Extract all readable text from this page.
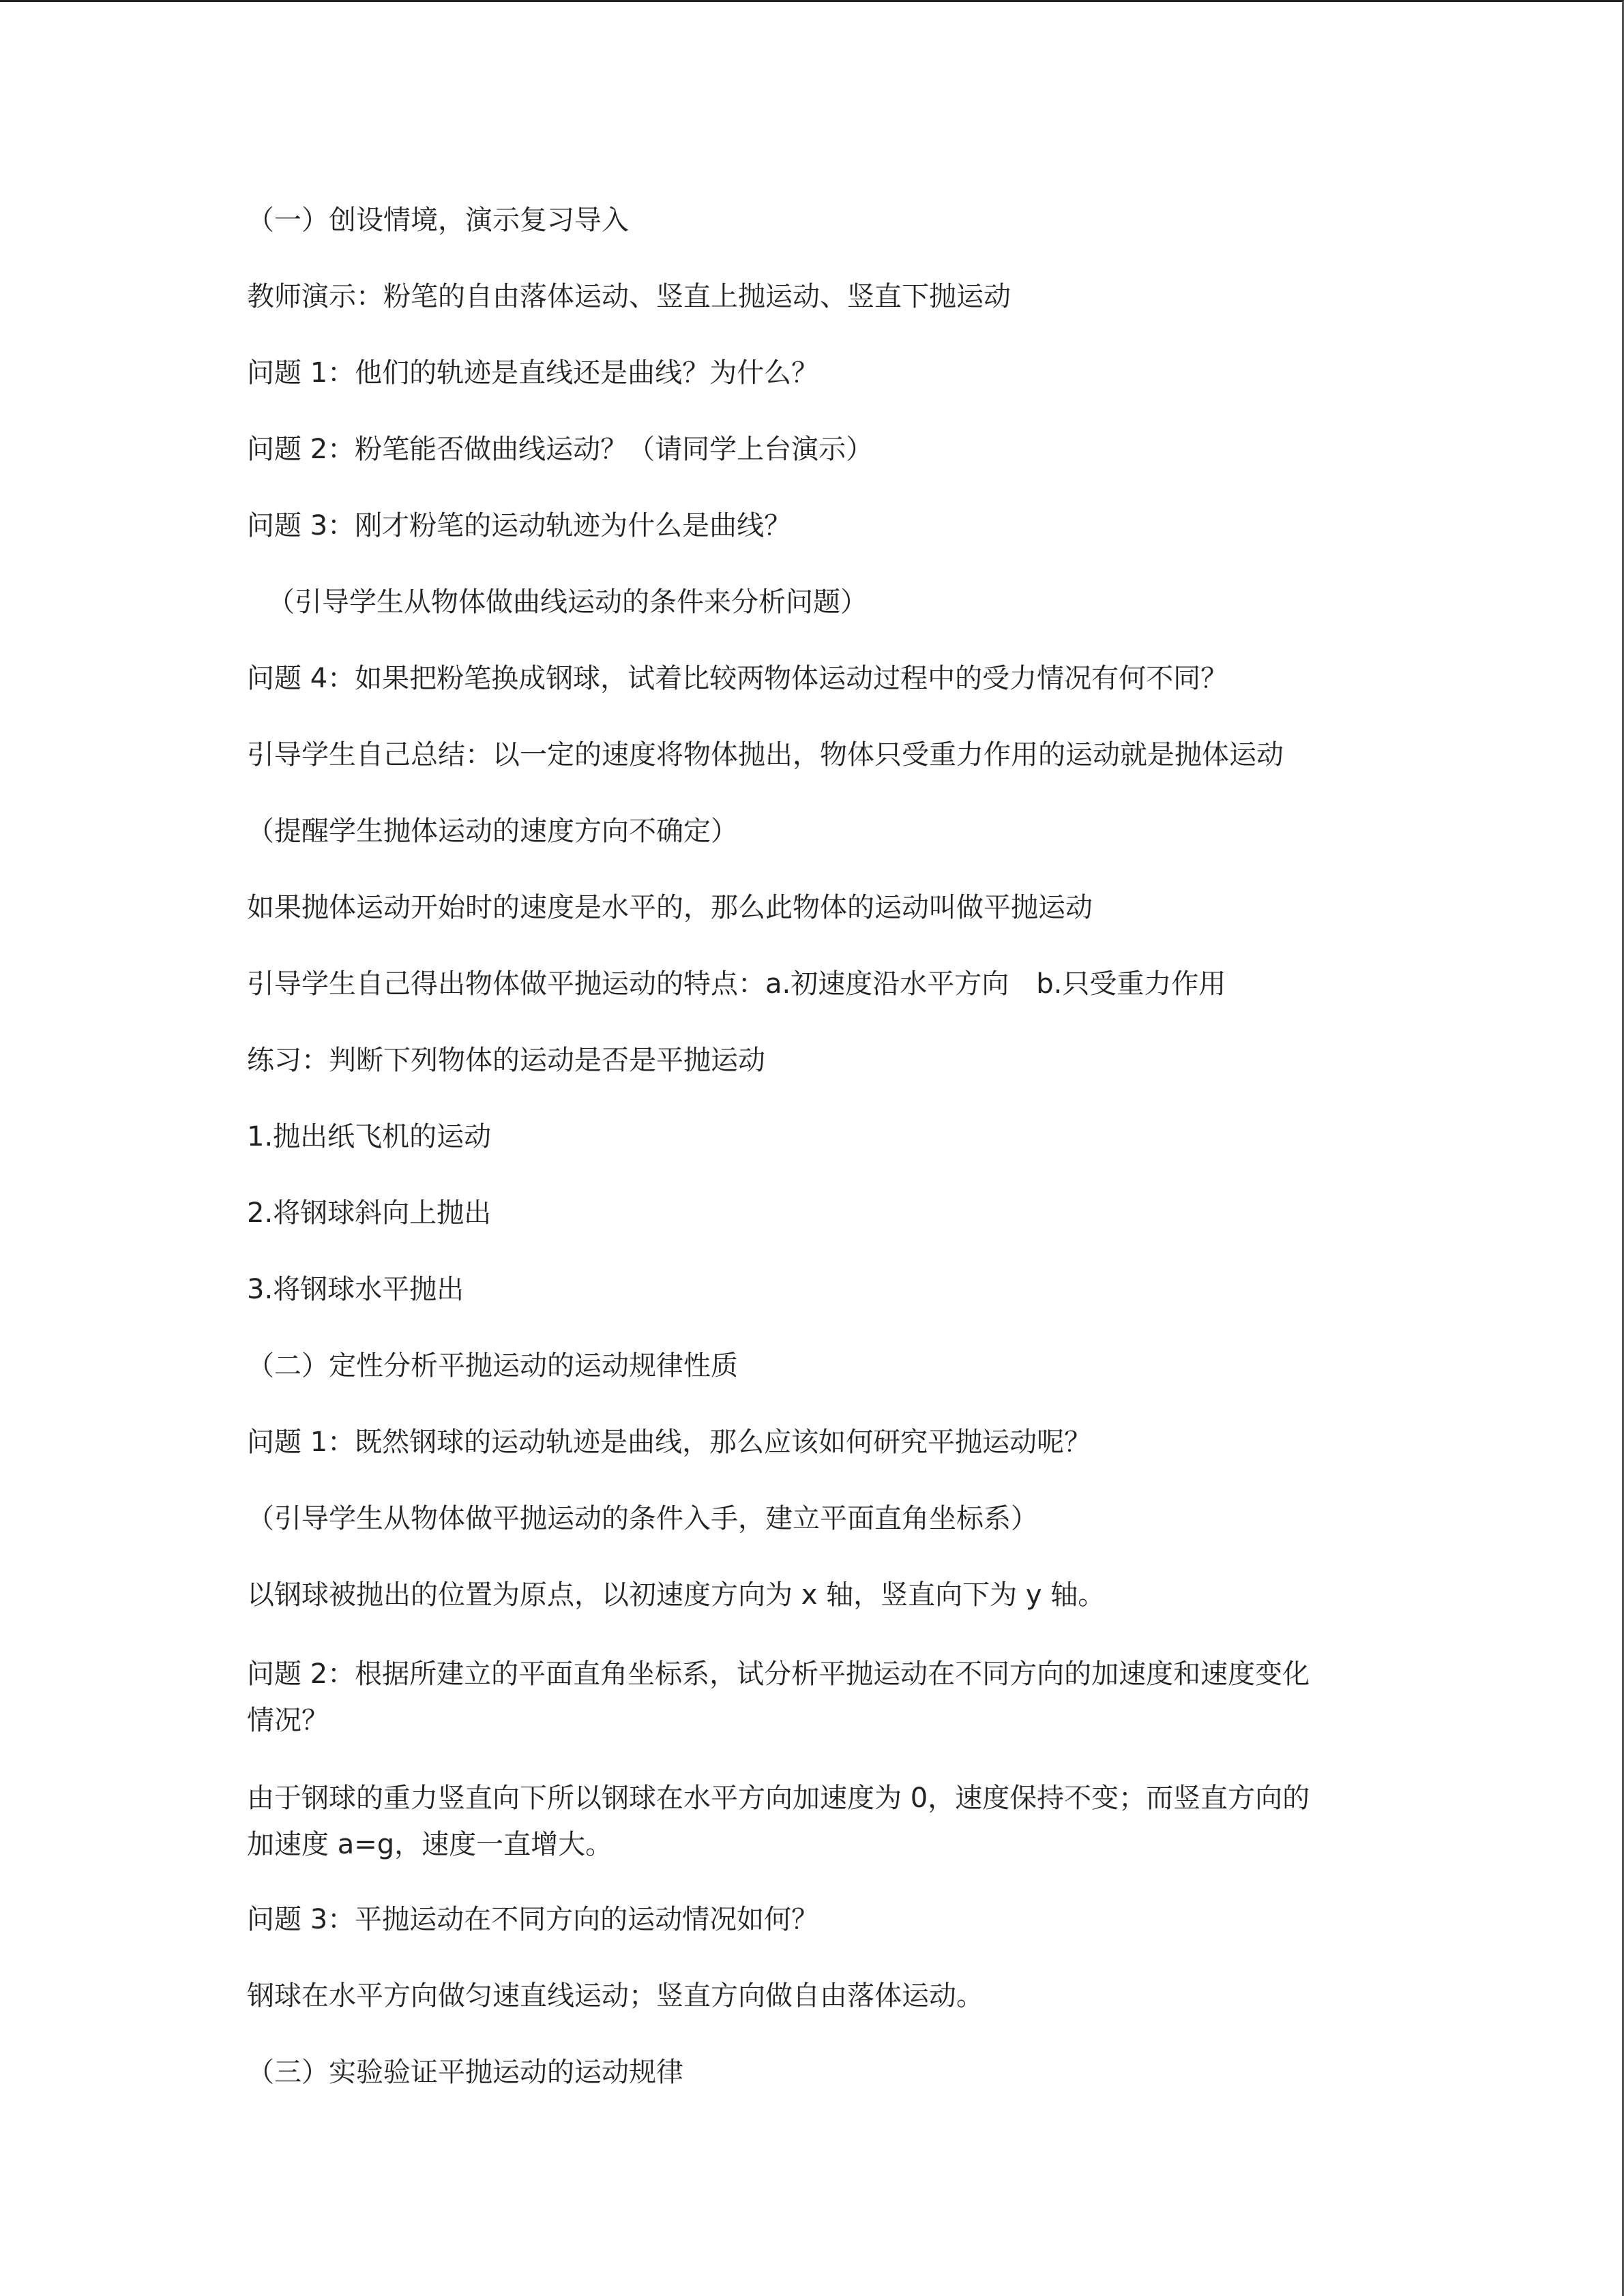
（一）创设情境，演示复习导入

教师演示：粉笔的自由落体运动、竖直上抛运动、竖直下抛运动

问题 1：他们的轨迹是直线还是曲线？为什么？

问题 2：粉笔能否做曲线运动？（请同学上台演示）

问题 3：刚才粉笔的运动轨迹为什么是曲线？

（引导学生从物体做曲线运动的条件来分析问题）

问题 4：如果把粉笔换成钢球，试着比较两物体运动过程中的受力情况有何不同？

引导学生自己总结：以一定的速度将物体抛出，物体只受重力作用的运动就是抛体运动

（提醒学生抛体运动的速度方向不确定）

如果抛体运动开始时的速度是水平的，那么此物体的运动叫做平抛运动

引导学生自己得出物体做平抛运动的特点：a.初速度沿水平方向　b.只受重力作用

练习：判断下列物体的运动是否是平抛运动

1.抛出纸飞机的运动

2.将钢球斜向上抛出

3.将钢球水平抛出

（二）定性分析平抛运动的运动规律性质

问题 1：既然钢球的运动轨迹是曲线，那么应该如何研究平抛运动呢？

（引导学生从物体做平抛运动的条件入手，建立平面直角坐标系）

以钢球被抛出的位置为原点，以初速度方向为 x 轴，竖直向下为 y 轴。

问题 2：根据所建立的平面直角坐标系，试分析平抛运动在不同方向的加速度和速度变化
情况？
由于钢球的重力竖直向下所以钢球在水平方向加速度为 0，速度保持不变；而竖直方向的
加速度 a=g，速度一直增大。

问题 3：平抛运动在不同方向的运动情况如何？

钢球在水平方向做匀速直线运动；竖直方向做自由落体运动。

（三）实验验证平抛运动的运动规律
